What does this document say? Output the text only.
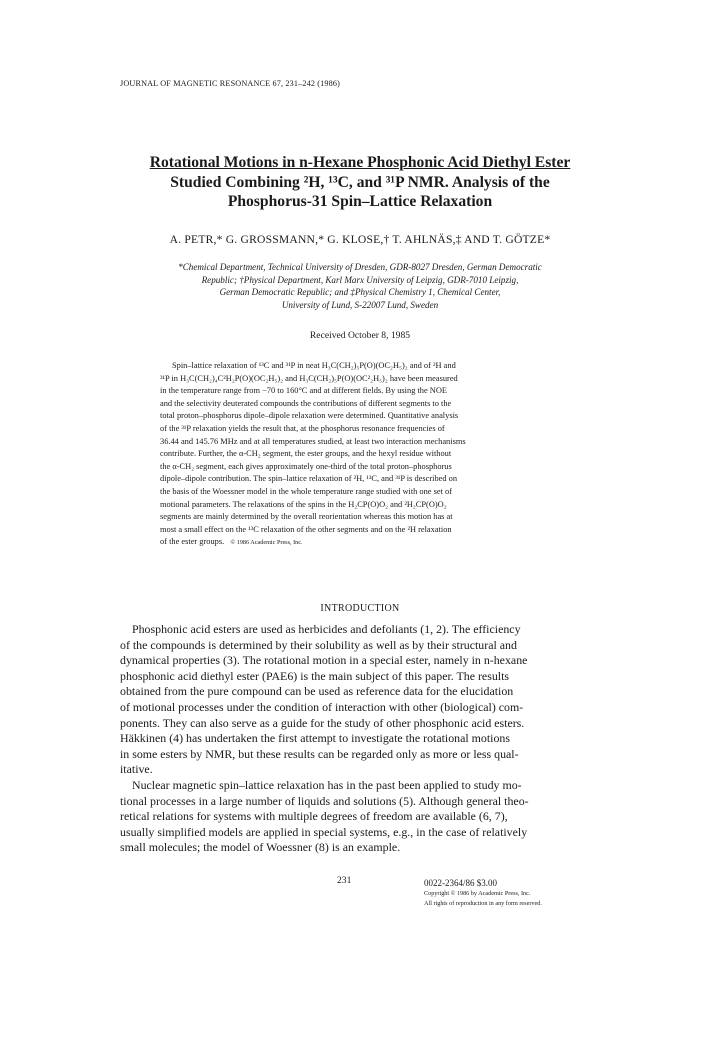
JOURNAL OF MAGNETIC RESONANCE 67, 231–242 (1986)
Rotational Motions in n-Hexane Phosphonic Acid Diethyl Ester
Studied Combining ²H, ¹³C, and ³¹P NMR. Analysis of the
Phosphorus-31 Spin–Lattice Relaxation
A. PETR,* G. GROSSMANN,* G. KLOSE,† T. AHLNÄS,‡ AND T. GÖTZE*
*Chemical Department, Technical University of Dresden, GDR-8027 Dresden, German Democratic
Republic; †Physical Department, Karl Marx University of Leipzig, GDR-7010 Leipzig,
German Democratic Republic; and ‡Physical Chemistry 1, Chemical Center,
University of Lund, S-22007 Lund, Sweden
Received October 8, 1985
Spin–lattice relaxation of ¹³C and ³¹P in neat H₃C(CH₂)₅P(O)(OC₂H₅)₂ and of ²H and
³¹P in H₃C(CH₂)₄C²H₂P(O)(OC₂H₅)₂ and H₃C(CH₂)₅P(O)(OC²₂H₅)₂ have been measured
in the temperature range from −70 to 160°C and at different fields. By using the NOE
and the selectivity deuterated compounds the contributions of different segments to the
total proton–phosphorus dipole–dipole relaxation were determined. Quantitative analysis
of the ³¹P relaxation yields the result that, at the phosphorus resonance frequencies of
36.44 and 145.76 MHz and at all temperatures studied, at least two interaction mechanisms
contribute. Further, the α-CH₂ segment, the ester groups, and the hexyl residue without
the α-CH₂ segment, each gives approximately one-third of the total proton–phosphorus
dipole–dipole contribution. The spin–lattice relaxation of ²H, ¹³C, and ³¹P is described on
the basis of the Woessner model in the whole temperature range studied with one set of
motional parameters. The relaxations of the spins in the H₂CP(O)O₂ and ²H₂CP(O)O₂
segments are mainly determined by the overall reorientation whereas this motion has at
most a small effect on the ¹³C relaxation of the other segments and on the ²H relaxation
of the ester groups. © 1986 Academic Press, Inc.
INTRODUCTION
Phosphonic acid esters are used as herbicides and defoliants (1, 2). The efficiency
of the compounds is determined by their solubility as well as by their structural and
dynamical properties (3). The rotational motion in a special ester, namely in n-hexane
phosphonic acid diethyl ester (PAE6) is the main subject of this paper. The results
obtained from the pure compound can be used as reference data for the elucidation
of motional processes under the condition of interaction with other (biological) com-
ponents. They can also serve as a guide for the study of other phosphonic acid esters.
Häkkinen (4) has undertaken the first attempt to investigate the rotational motions
in some esters by NMR, but these results can be regarded only as more or less qual-
itative.
Nuclear magnetic spin–lattice relaxation has in the past been applied to study mo-
tional processes in a large number of liquids and solutions (5). Although general theo-
retical relations for systems with multiple degrees of freedom are available (6, 7),
usually simplified models are applied in special systems, e.g., in the case of relatively
small molecules; the model of Woessner (8) is an example.
231	0022-2364/86 $3.00
Copyright © 1986 by Academic Press, Inc.
All rights of reproduction in any form reserved.
